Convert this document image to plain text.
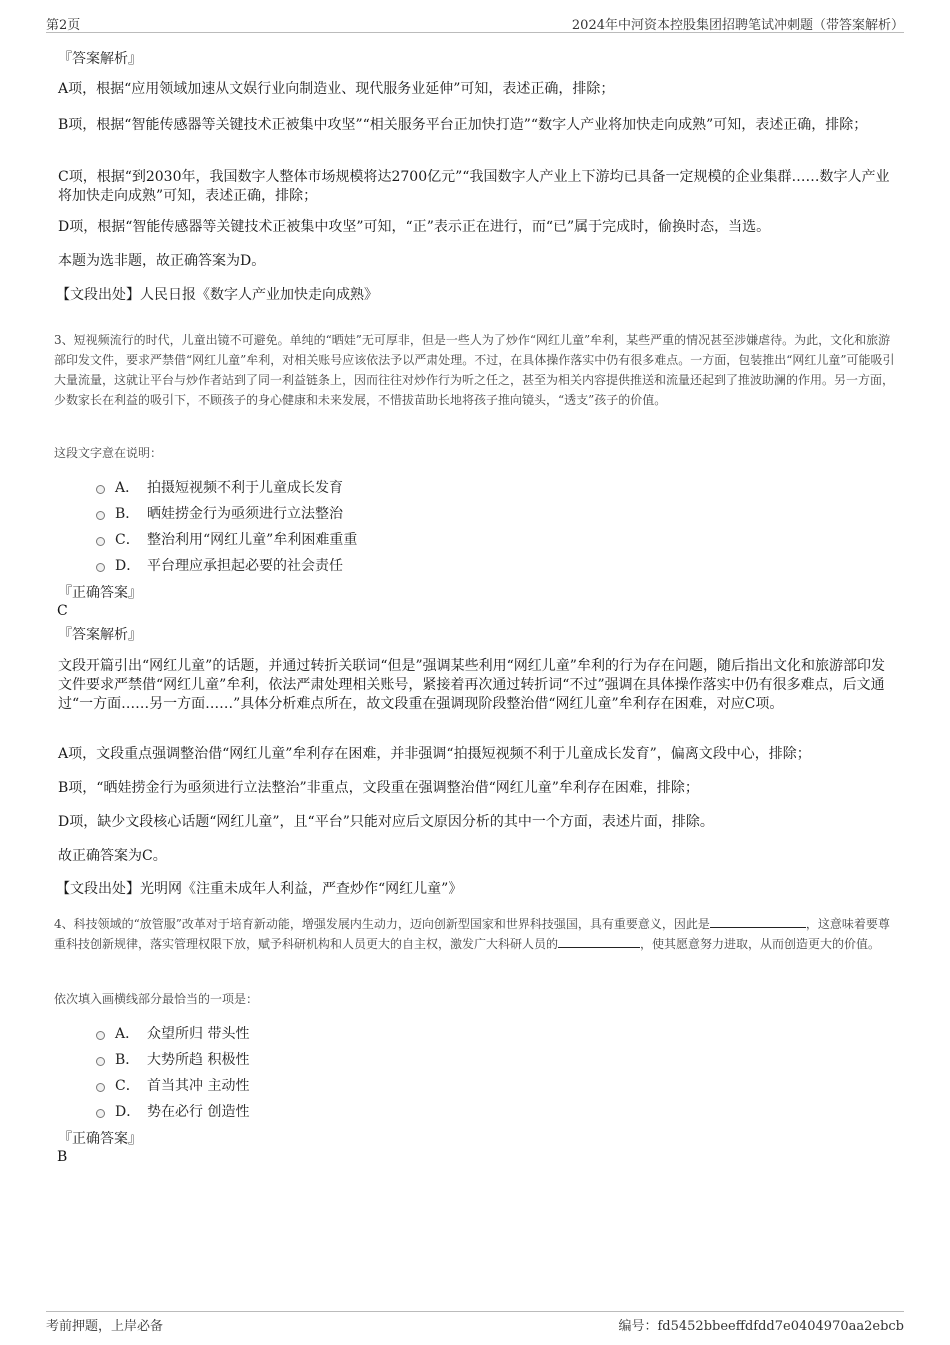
第2页	2024年中河资本控股集团招聘笔试冲刺题（带答案解析）
『答案解析』
A项，根据“应用领域加速从文娱行业向制造业、现代服务业延伸”可知，表述正确，排除；
B项，根据“智能传感器等关键技术正被集中攻坚”“相关服务平台正加快打造”“数字人产业将加快走向成熟”可知，表述正确，排除；
C项，根据“到2030年，我国数字人整体市场规模将达2700亿元”“我国数字人产业上下游均已具备一定规模的企业集群……数字人产业将加快走向成熟”可知，表述正确，排除；
D项，根据“智能传感器等关键技术正被集中攻坚”可知，“正”表示正在进行，而“已”属于完成时，偷换时态，当选。
本题为选非题，故正确答案为D。
【文段出处】人民日报《数字人产业加快走向成熟》
3、短视频流行的时代，儿童出镜不可避免。单纯的“晒娃”无可厚非，但是一些人为了炒作“网红儿童”牟利，某些严重的情况甚至涉嫌虐待。为此，文化和旅游部印发文件，要求严禁借“网红儿童”牟利，对相关账号应该依法予以严肃处理。不过，在具体操作落实中仍有很多难点。一方面，包装推出“网红儿童”可能吸引大量流量，这就让平台与炒作者站到了同一利益链条上，因而往往对炒作行为听之任之，甚至为相关内容提供推送和流量还起到了推波助澜的作用。另一方面，少数家长在利益的吸引下，不顾孩子的身心健康和未来发展，不惜拔苗助长地将孩子推向镜头，“透支”孩子的价值。
这段文字意在说明：
A． 拍摄短视频不利于儿童成长发育
B． 晒娃捞金行为亟须进行立法整治
C． 整治利用“网红儿童”牟利困难重重
D． 平台理应承担起必要的社会责任
『正确答案』
C
『答案解析』
文段开篇引出“网红儿童”的话题，并通过转折关联词“但是”强调某些利用“网红儿童”牟利的行为存在问题，随后指出文化和旅游部印发文件要求严禁借“网红儿童”牟利，依法严肃处理相关账号，紧接着再次通过转折词“不过”强调在具体操作落实中仍有很多难点，后文通过“一方面……另一方面……”具体分析难点所在，故文段重在强调现阶段整治借“网红儿童”牟利存在困难，对应C项。
A项，文段重点强调整治借“网红儿童”牟利存在困难，并非强调“拍摄短视频不利于儿童成长发育”，偏离文段中心，排除；
B项，“晒娃捞金行为亟须进行立法整治”非重点，文段重在强调整治借“网红儿童”牟利存在困难，排除；
D项，缺少文段核心话题“网红儿童”，且“平台”只能对应后文原因分析的其中一个方面，表述片面，排除。
故正确答案为C。
【文段出处】光明网《注重未成年人利益，严查炒作“网红儿童”》
4、科技领域的“放管服”改革对于培育新动能，增强发展内生动力，迈向创新型国家和世界科技强国，具有重要意义，因此是	，这意味着要尊重科技创新规律，落实管理权限下放，赋予科研机构和人员更大的自主权，激发广大科研人员的	，使其愿意努力进取，从而创造更大的价值。
依次填入画横线部分最恰当的一项是：
A． 众望所归 带头性
B． 大势所趋 积极性
C． 首当其冲 主动性
D． 势在必行 创造性
『正确答案』
B
考前押题，上岸必备	编号：fd5452bbeeffdfdd7e0404970aa2ebcb
